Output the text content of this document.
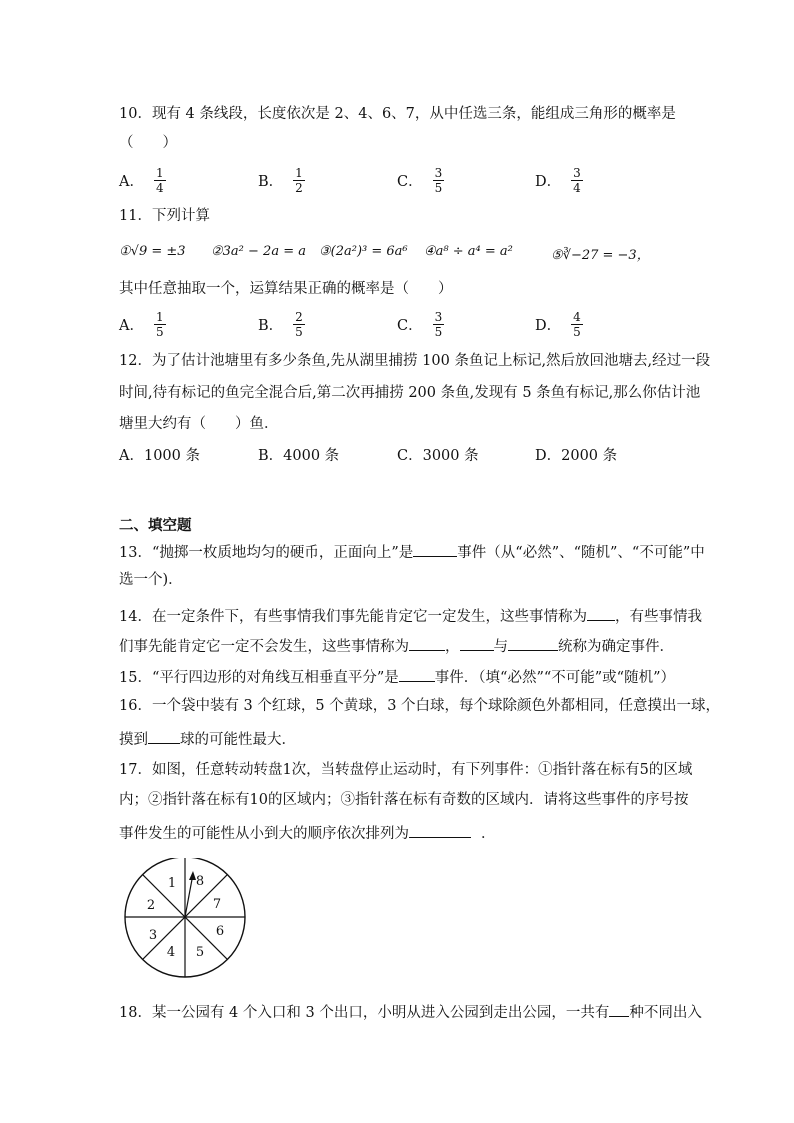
10．现有 4 条线段，长度依次是 2、4、6、7，从中任选三条，能组成三角形的概率是
（　　）
A． $\frac{1}{4}$	B． $\frac{1}{2}$	C． $\frac{3}{5}$	D． $\frac{3}{4}$
11．下列计算
①√9 = ±3 ②3a² − 2a = a ③(2a²)³ = 6a⁶ ④a⁸ ÷ a⁴ = a²	⑤∛−27 = −3，
其中任意抽取一个，运算结果正确的概率是（　　）
A． $\frac{1}{5}$	B． $\frac{2}{5}$	C． $\frac{3}{5}$	D． $\frac{4}{5}$
12．为了估计池塘里有多少条鱼,先从湖里捕捞 100 条鱼记上标记,然后放回池塘去,经过一段
时间,待有标记的鱼完全混合后,第二次再捕捞 200 条鱼,发现有 5 条鱼有标记,那么你估计池
塘里大约有（　　）鱼．
A．1000 条	B．4000 条	C．3000 条	D．2000 条
二、填空题
13．“抛掷一枚质地均匀的硬币，正面向上”是	事件（从“必然”、“随机”、“不可能”中
选一个)．
14．在一定条件下，有些事情我们事先能肯定它一定发生，这些事情称为 ，有些事情我
们事先能肯定它一定不会发生，这些事情称为 ， 与	统称为确定事件．
15．“平行四边形的对角线互相垂直平分”是 事件．（填“必然”“不可能”或“随机”）
16．一个袋中装有 3 个红球，5 个黄球，3 个白球，每个球除颜色外都相同，任意摸出一球，
摸到 球的可能性最大．
17．如图，任意转动转盘1次，当转盘停止运动时，有下列事件：①指针落在标有5的区域
内；②指针落在标有10的区域内；③指针落在标有奇数的区域内．请将这些事件的序号按
事件发生的可能性从小到大的顺序依次排列为	．
1
2
3
4 5
6
7
8
18．某一公园有 4 个入口和 3 个出口，小明从进入公园到走出公园，一共有 种不同出入
